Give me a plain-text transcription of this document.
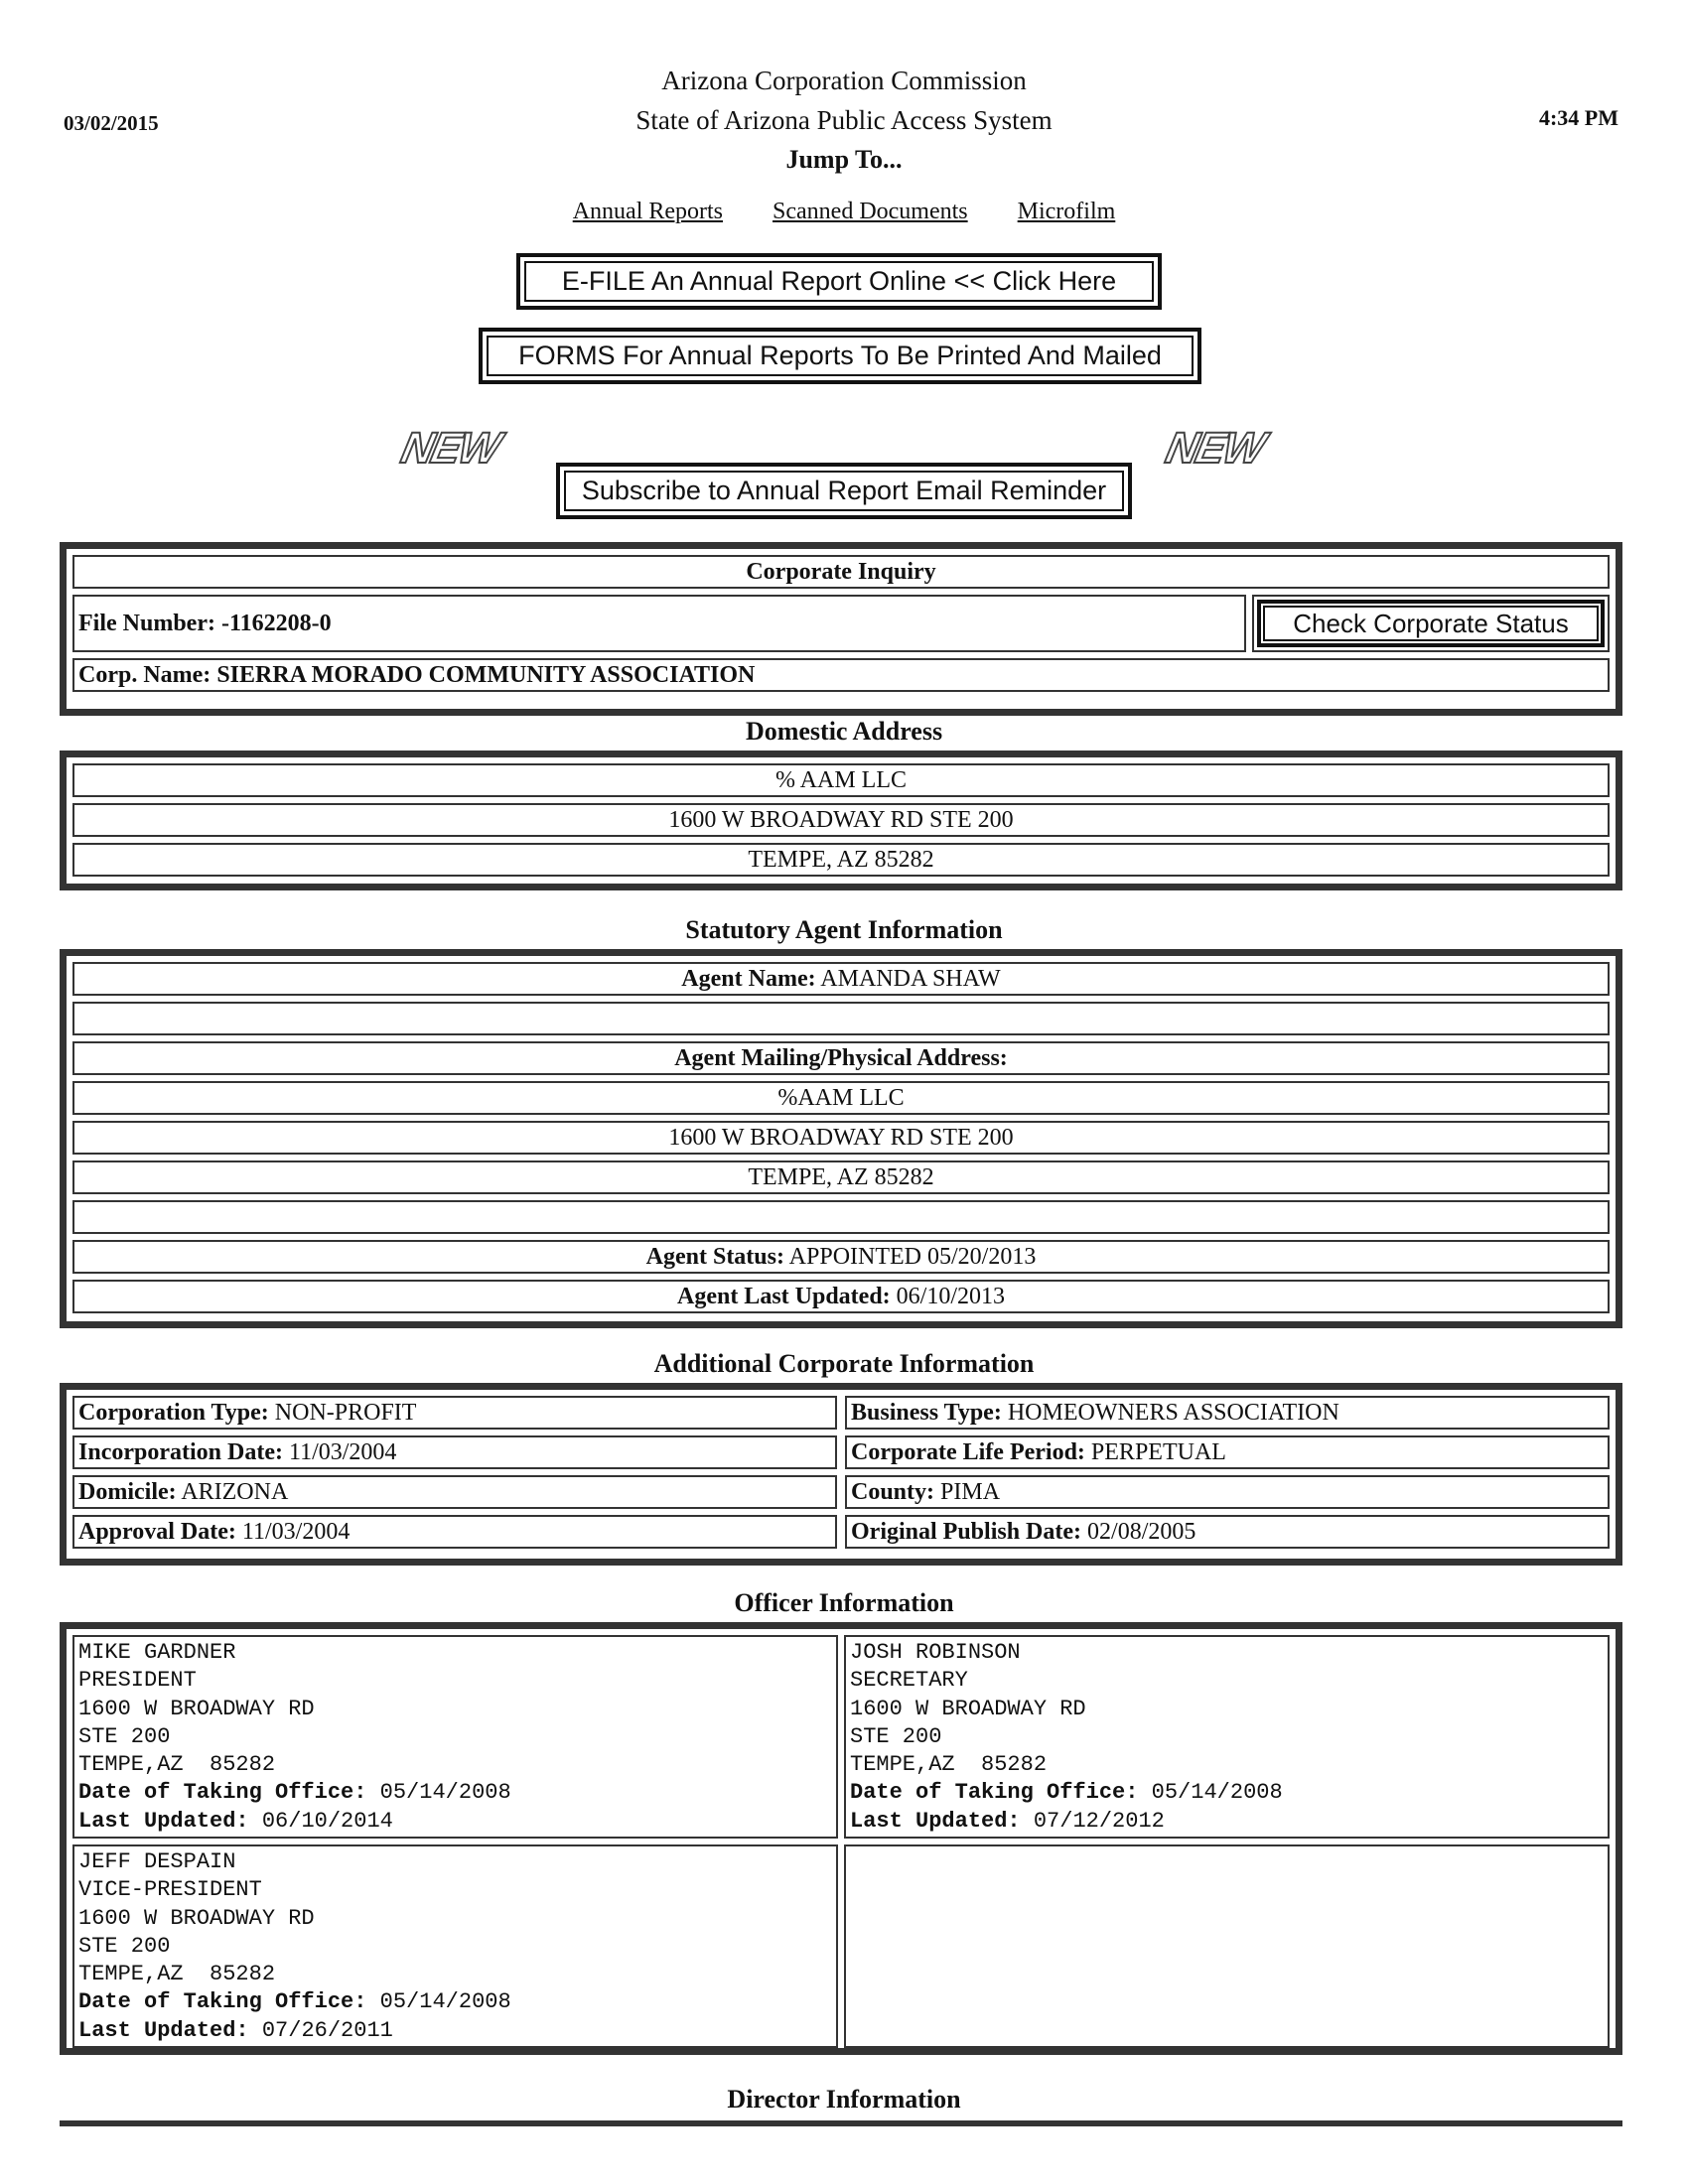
03/02/2015	4:34 PM
Arizona Corporation Commission
State of Arizona Public Access System
Jump To...
Annual Reports Scanned Documents Microfilm
E-FILE An Annual Report Online << Click Here
FORMS For Annual Reports To Be Printed And Mailed
NEW	NEW
Subscribe to Annual Report Email Reminder
Corporate Inquiry
File Number: -1162208-0	Check Corporate Status
Corp. Name: SIERRA MORADO COMMUNITY ASSOCIATION
Domestic Address
% AAM LLC
1600 W BROADWAY RD STE 200
TEMPE, AZ 85282
Statutory Agent Information
Agent Name: AMANDA SHAW
Agent Mailing/Physical Address:
%AAM LLC
1600 W BROADWAY RD STE 200
TEMPE, AZ 85282
Agent Status: APPOINTED 05/20/2013
Agent Last Updated: 06/10/2013
Additional Corporate Information
Corporation Type: NON-PROFIT	Business Type: HOMEOWNERS ASSOCIATION
Incorporation Date: 11/03/2004	Corporate Life Period: PERPETUAL
Domicile: ARIZONA	County: PIMA
Approval Date: 11/03/2004	Original Publish Date: 02/08/2005
Officer Information
MIKE GARDNER
PRESIDENT
1600 W BROADWAY RD
STE 200
TEMPE,AZ  85282
Date of Taking Office: 05/14/2008
Last Updated: 06/10/2014
JOSH ROBINSON
SECRETARY
1600 W BROADWAY RD
STE 200
TEMPE,AZ  85282
Date of Taking Office: 05/14/2008
Last Updated: 07/12/2012
JEFF DESPAIN
VICE-PRESIDENT
1600 W BROADWAY RD
STE 200
TEMPE,AZ  85282
Date of Taking Office: 05/14/2008
Last Updated: 07/26/2011
Director Information
